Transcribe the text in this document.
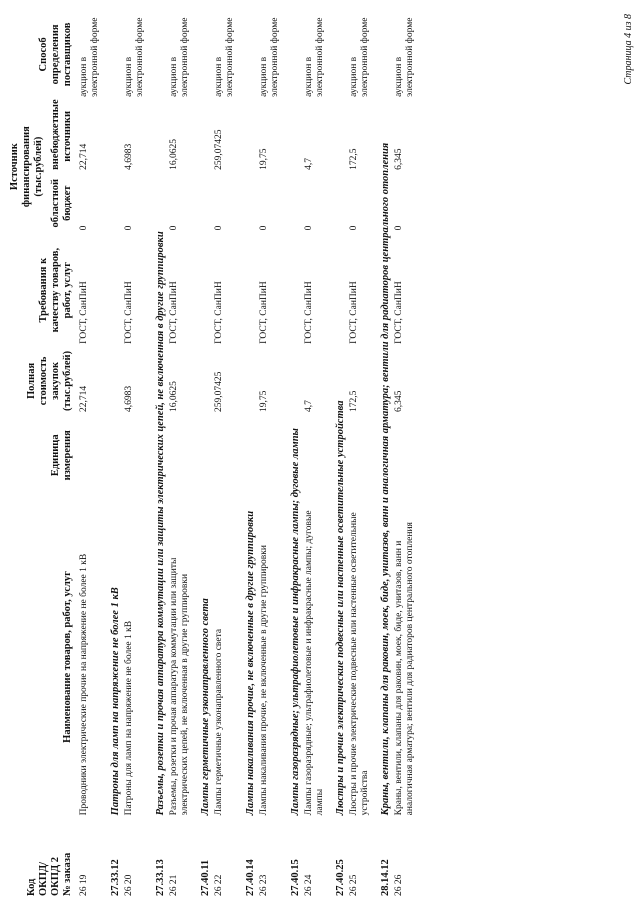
Код ОКПД/ ОКПД 2 № заказа	Наименование товаров, работ, услуг	Единица измерения	Полная стоимость закупок (тыс.рублей)	Требования к качеству товаров, работ, услуг	Источник финансирования (тыс.рублей)		Способ определения поставщиков
					областной бюджет	внебюджетные источники	
26 19	Проводники электрические прочие на напряжение не более 1 кВ		22,714	ГОСТ, СанПиН	0	22,714	аукцион в электронной форме
27.33.12	Патроны для ламп на напряжение не более 1 кВ						
26 20	Патроны для ламп на напряжение не более 1 кВ		4,6983	ГОСТ, СанПиН	0	4,6983	аукцион в электронной форме
27.33.13	Разъемы, розетки и прочая аппаратура коммутации или защиты электрических цепей, не включенная в другие группировки						
26 21	Разъемы, розетки и прочая аппаратура коммутации или защиты электрических цепей, не включенная в другие группировки		16,0625	ГОСТ, СанПиН	0	16,0625	аукцион в электронной форме
27.40.11	Лампы герметичные узконаправленного света						
26 22	Лампы герметичные узконаправленного света		259,07425	ГОСТ, СанПиН	0	259,07425	аукцион в электронной форме
27.40.14	Лампы накаливания прочие, не включенные в другие группировки						
26 23	Лампы накаливания прочие, не включенные в другие группировки		19,75	ГОСТ, СанПиН	0	19,75	аукцион в электронной форме
27.40.15	Лампы газоразрядные; ультрафиолетовые и инфракрасные лампы; дуговые лампы						
26 24	Лампы газоразрядные; ультрафиолетовые и инфракрасные лампы; дуговые лампы		4,7	ГОСТ, СанПиН	0	4,7	аукцион в электронной форме
27.40.25	Люстры и прочие электрические подвесные или настенные осветительные устройства						
26 25	Люстры и прочие электрические подвесные или настенные осветительные устройства		172,5	ГОСТ, СанПиН	0	172,5	аукцион в электронной форме
28.14.12	Краны, вентили, клапаны для раковин, моек, биде, унитазов, ванн и аналогичная арматура; вентили для радиаторов центрального отопления						
26 26	Краны, вентили, клапаны для раковин, моек, биде, унитазов, ванн и аналогичная арматура; вентили для радиаторов центрального отопления		6,345	ГОСТ, СанПиН	0	6,345	аукцион в электронной форме	Страница 4 из 8
